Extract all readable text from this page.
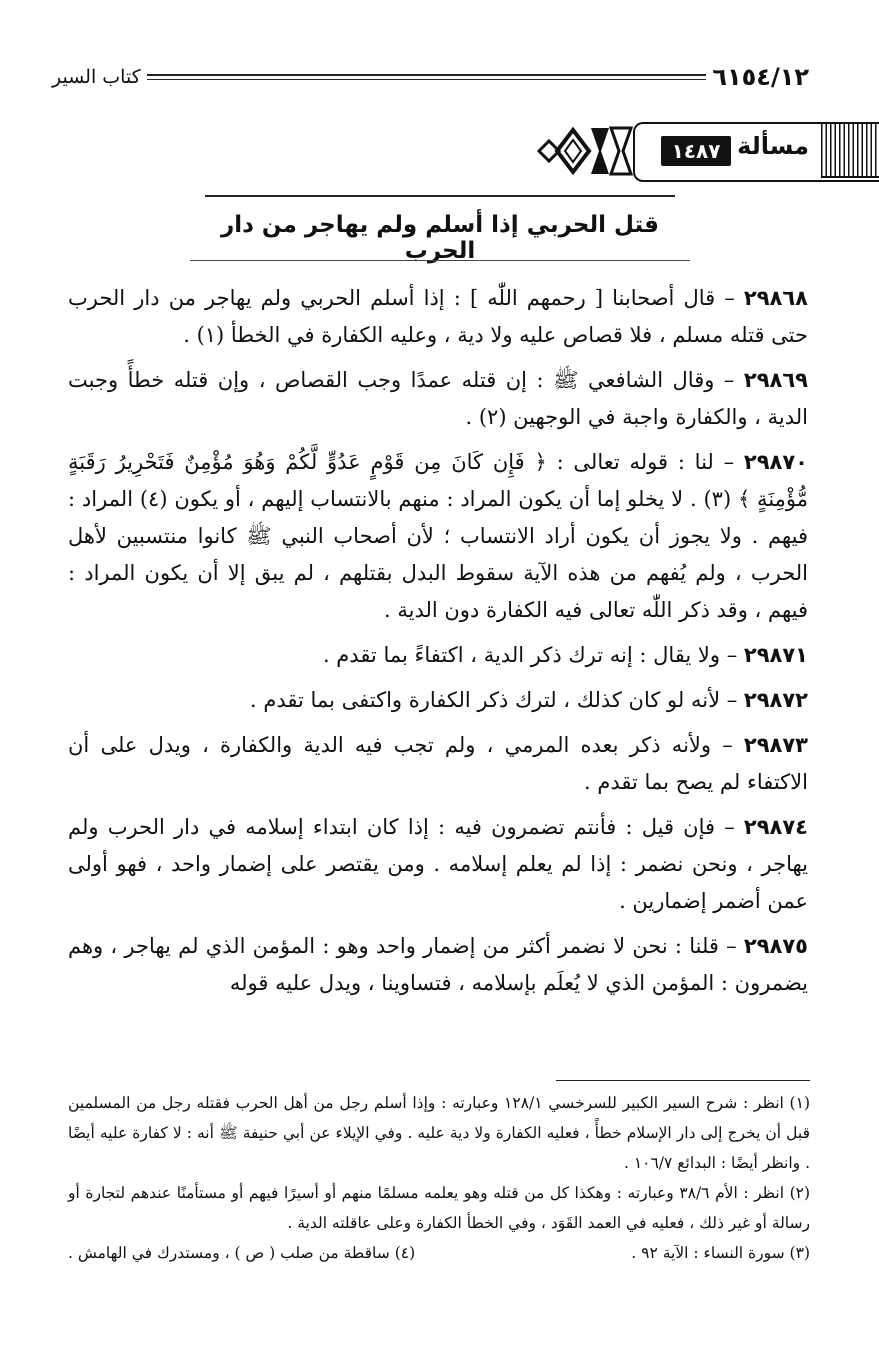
٦١٥٤/١٢
كتاب السير
مسألة
١٤٨٧
قتل الحربي إذا أسلم ولم يهاجر من دار الحرب

٢٩٨٦٨ – قال أصحابنا [ رحمهم اللّٰه ] : إذا أسلم الحربي ولم يهاجر من دار الحرب حتى قتله مسلم ، فلا قصاص عليه ولا دية ، وعليه الكفارة في الخطأ (١) .

٢٩٨٦٩ – وقال الشافعي ﷺ : إن قتله عمدًا وجب القصاص ، وإن قتله خطأً وجبت الدية ، والكفارة واجبة في الوجهين (٢) .

٢٩٨٧٠ – لنا : قوله تعالى : ﴿ فَإِن كَانَ مِن قَوْمٍ عَدُوٍّ لَّكُمْ وَهُوَ مُؤْمِنٌ فَتَحْرِيرُ رَقَبَةٍ مُّؤْمِنَةٍ ﴾ (٣) . لا يخلو إما أن يكون المراد : منهم بالانتساب إليهم ، أو يكون (٤) المراد : فيهم . ولا يجوز أن يكون أراد الانتساب ؛ لأن أصحاب النبي ﷺ كانوا منتسبين لأهل الحرب ، ولم يُفهم من هذه الآية سقوط البدل بقتلهم ، لم يبق إلا أن يكون المراد : فيهم ، وقد ذكر اللّٰه تعالى فيه الكفارة دون الدية .

٢٩٨٧١ – ولا يقال : إنه ترك ذكر الدية ، اكتفاءً بما تقدم .

٢٩٨٧٢ – لأنه لو كان كذلك ، لترك ذكر الكفارة واكتفى بما تقدم .

٢٩٨٧٣ – ولأنه ذكر بعده المرمي ، ولم تجب فيه الدية والكفارة ، ويدل على أن الاكتفاء لم يصح بما تقدم .

٢٩٨٧٤ – فإن قيل : فأنتم تضمرون فيه : إذا كان ابتداء إسلامه في دار الحرب ولم يهاجر ، ونحن نضمر : إذا لم يعلم إسلامه . ومن يقتصر على إضمار واحد ، فهو أولى عمن أضمر إضمارين .

٢٩٨٧٥ – قلنا : نحن لا نضمر أكثر من إضمار واحد وهو : المؤمن الذي لم يهاجر ، وهم يضمرون : المؤمن الذي لا يُعلَم بإسلامه ، فتساوينا ، ويدل عليه قوله

(١) انظر : شرح السير الكبير للسرخسي ١٢٨/١ وعبارته : وإذا أسلم رجل من أهل الحرب فقتله رجل من المسلمين قبل أن يخرج إلى دار الإسلام خطأً ، فعليه الكفارة ولا دية عليه . وفي الإيلاء عن أبي حنيفة ﷺ أنه : لا كفارة عليه أيضًا . وانظر أيضًا : البدائع ١٠٦/٧ .

(٢) انظر : الأم ٣٨/٦ وعبارته : وهكذا كل من قتله وهو يعلمه مسلمًا منهم أو أسيرًا فيهم أو مستأمنًا عندهم لتجارة أو رسالة أو غير ذلك ، فعليه في العمد القَوَد ، وفي الخطأ الكفارة وعلى عاقلته الدية .

(٣) سورة النساء : الآية ٩٢ .
(٤) ساقطة من صلب ( ص ) ، ومستدرك في الهامش .
